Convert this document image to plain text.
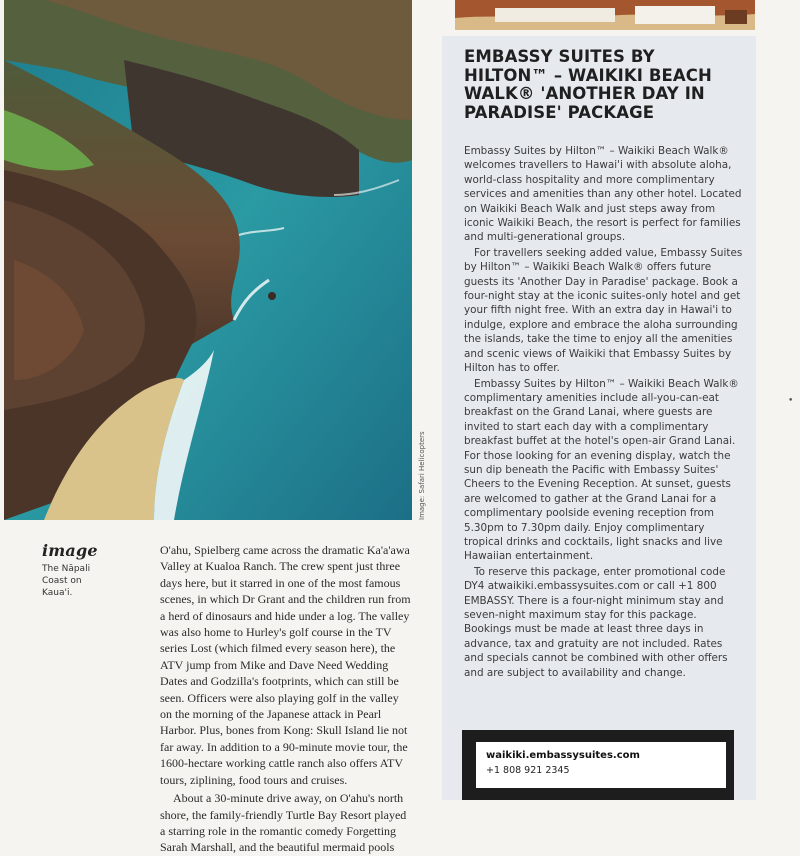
Image: Safari Helicopters
image
The Nāpali Coast on Kaua'i.

O'ahu, Spielberg came across the dramatic Ka'a'awa Valley at Kualoa Ranch. The crew spent just three days here, but it starred in one of the most famous scenes, in which Dr Grant and the children run from a herd of dinosaurs and hide under a log. The valley was also home to Hurley's golf course in the TV series Lost (which filmed every season here), the ATV jump from Mike and Dave Need Wedding Dates and Godzilla's footprints, which can still be seen. Officers were also playing golf in the valley on the morning of the Japanese attack in Pearl Harbor. Plus, bones from Kong: Skull Island lie not far away. In addition to a 90-minute movie tour, the 1600-hectare working cattle ranch also offers ATV tours, ziplining, food tours and cruises.

About a 30-minute drive away, on O'ahu's north shore, the family-friendly Turtle Bay Resort played a starring role in the romantic comedy Forgetting Sarah Marshall, and the beautiful mermaid pools

EMBASSY SUITES BY HILTON™ – WAIKIKI BEACH WALK® 'ANOTHER DAY IN PARADISE' PACKAGE

Embassy Suites by Hilton™ – Waikiki Beach Walk® welcomes travellers to Hawai'i with absolute aloha, world-class hospitality and more complimentary services and amenities than any other hotel. Located on Waikiki Beach Walk and just steps away from iconic Waikiki Beach, the resort is perfect for families and multi-generational groups.

For travellers seeking added value, Embassy Suites by Hilton™ – Waikiki Beach Walk® offers future guests its 'Another Day in Paradise' package. Book a four-night stay at the iconic suites-only hotel and get your fifth night free. With an extra day in Hawai'i to indulge, explore and embrace the aloha surrounding the islands, take the time to enjoy all the amenities and scenic views of Waikiki that Embassy Suites by Hilton has to offer.

Embassy Suites by Hilton™ – Waikiki Beach Walk® complimentary amenities include all-you-can-eat breakfast on the Grand Lanai, where guests are invited to start each day with a complimentary breakfast buffet at the hotel's open-air Grand Lanai. For those looking for an evening display, watch the sun dip beneath the Pacific with Embassy Suites' Cheers to the Evening Reception. At sunset, guests are welcomed to gather at the Grand Lanai for a complimentary poolside evening reception from 5.30pm to 7.30pm daily. Enjoy complimentary tropical drinks and cocktails, light snacks and live Hawaiian entertainment.

To reserve this package, enter promotional code DY4 atwaikiki.embassysuites.com or call +1 800 EMBASSY. There is a four-night minimum stay and seven-night maximum stay for this package. Bookings must be made at least three days in advance, tax and gratuity are not included. Rates and specials cannot be combined with other offers and are subject to availability and change.

waikiki.embassysuites.com
+1 808 921 2345
•
